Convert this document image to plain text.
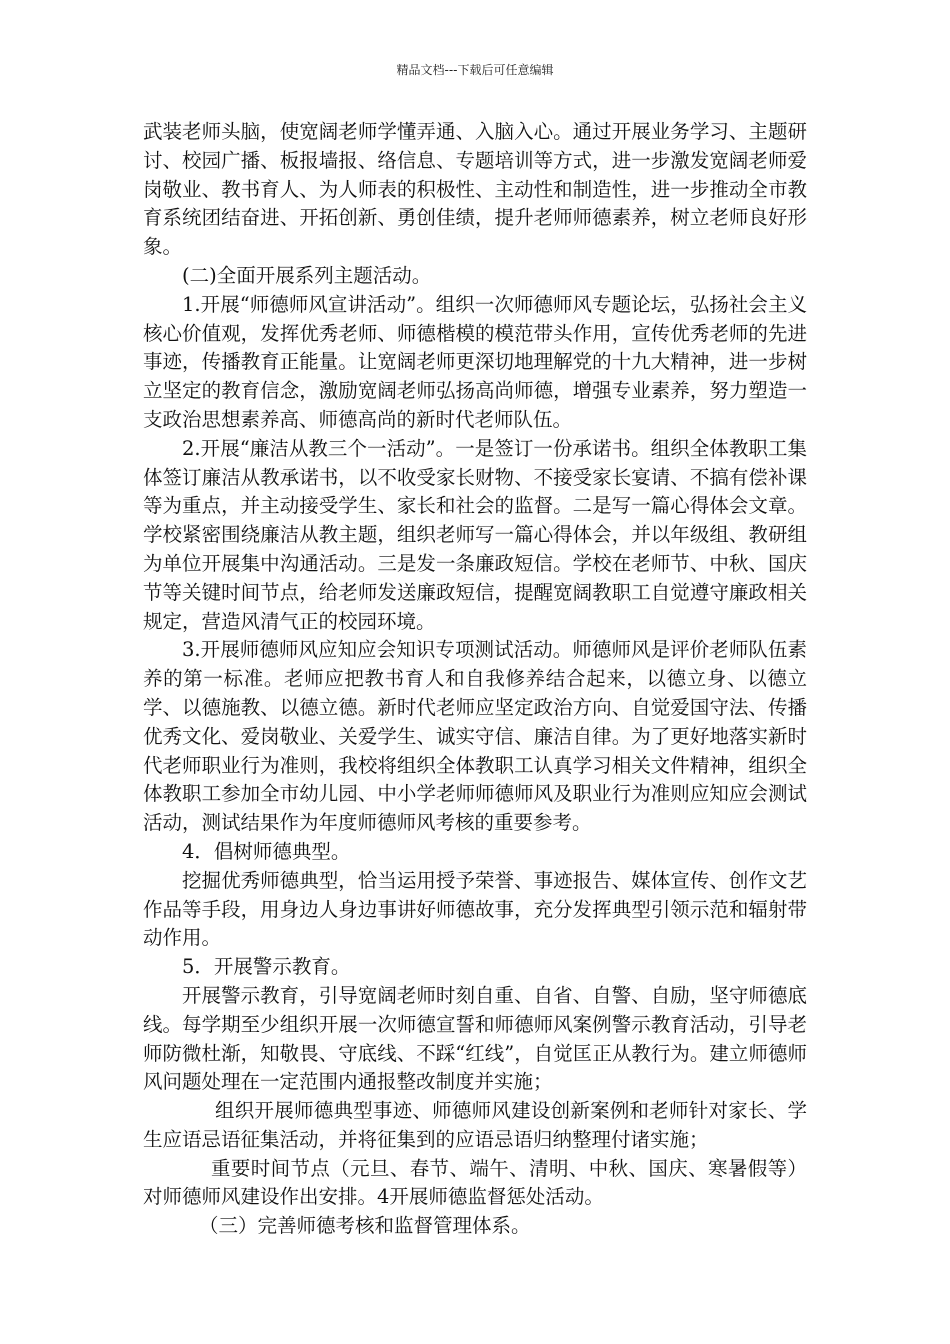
精品文档---下载后可任意编辑

武装老师头脑，使宽阔老师学懂弄通、入脑入心。通过开展业务学习、主题研讨、校园广播、板报墙报、络信息、专题培训等方式，进一步激发宽阔老师爱岗敬业、教书育人、为人师表的积极性、主动性和制造性，进一步推动全市教育系统团结奋进、开拓创新、勇创佳绩，提升老师师德素养，树立老师良好形象。

(二)全面开展系列主题活动。

1.开展“师德师风宣讲活动”。组织一次师德师风专题论坛，弘扬社会主义核心价值观，发挥优秀老师、师德楷模的模范带头作用，宣传优秀老师的先进事迹，传播教育正能量。让宽阔老师更深切地理解党的十九大精神，进一步树立坚定的教育信念，激励宽阔老师弘扬高尚师德，增强专业素养，努力塑造一支政治思想素养高、师德高尚的新时代老师队伍。

2.开展“廉洁从教三个一活动”。一是签订一份承诺书。组织全体教职工集体签订廉洁从教承诺书，以不收受家长财物、不接受家长宴请、不搞有偿补课等为重点，并主动接受学生、家长和社会的监督。二是写一篇心得体会文章。学校紧密围绕廉洁从教主题，组织老师写一篇心得体会，并以年级组、教研组为单位开展集中沟通活动。三是发一条廉政短信。学校在老师节、中秋、国庆节等关键时间节点，给老师发送廉政短信，提醒宽阔教职工自觉遵守廉政相关规定，营造风清气正的校园环境。

3.开展师德师风应知应会知识专项测试活动。师德师风是评价老师队伍素养的第一标准。老师应把教书育人和自我修养结合起来，以德立身、以德立学、以德施教、以德立德。新时代老师应坚定政治方向、自觉爱国守法、传播优秀文化、爱岗敬业、关爱学生、诚实守信、廉洁自律。为了更好地落实新时代老师职业行为准则，我校将组织全体教职工认真学习相关文件精神，组织全体教职工参加全市幼儿园、中小学老师师德师风及职业行为准则应知应会测试活动，测试结果作为年度师德师风考核的重要参考。

4．倡树师德典型。

挖掘优秀师德典型，恰当运用授予荣誉、事迹报告、媒体宣传、创作文艺作品等手段，用身边人身边事讲好师德故事，充分发挥典型引领示范和辐射带动作用。

5．开展警示教育。

开展警示教育，引导宽阔老师时刻自重、自省、自警、自励，坚守师德底线。每学期至少组织开展一次师德宣誓和师德师风案例警示教育活动，引导老师防微杜渐，知敬畏、守底线、不踩“红线”，自觉匡正从教行为。建立师德师风问题处理在一定范围内通报整改制度并实施；

组织开展师德典型事迹、师德师风建设创新案例和老师针对家长、学生应语忌语征集活动，并将征集到的应语忌语归纳整理付诸实施；

重要时间节点（元旦、春节、端午、清明、中秋、国庆、寒暑假等）对师德师风建设作出安排。4开展师德监督惩处活动。

（三）完善师德考核和监督管理体系。
